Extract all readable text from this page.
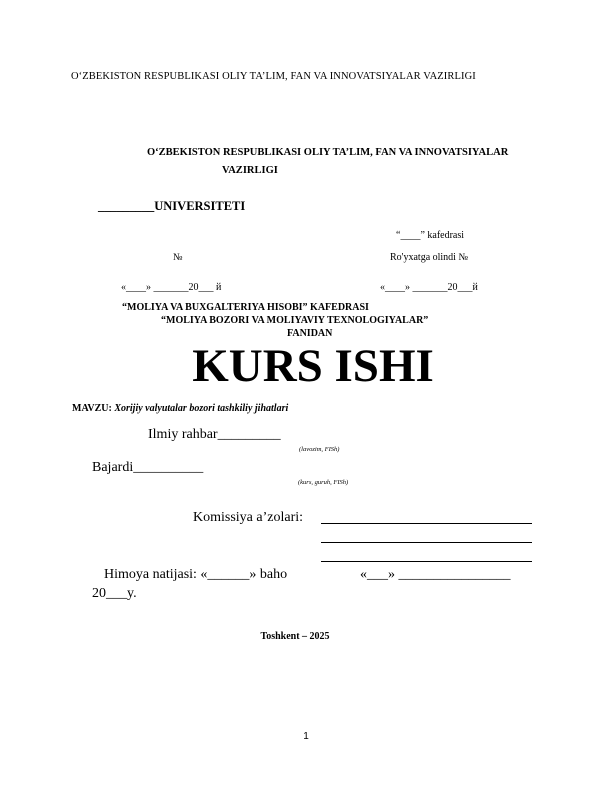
O‘ZBEKISTON RESPUBLIKASI OLIY TA’LIM, FAN VA INNOVATSIYALAR VAZIRLIGI
O‘ZBEKISTON RESPUBLIKASI OLIY TA’LIM, FAN VA INNOVATSIYALAR
VAZIRLIGI
_________UNIVERSITETI
“____” kafedrasi
№	Ro'yxatga olindi №
«____» _______20___ й	«____» _______20___й
“MOLIYA VA BUXGALTERIYA HISOBI” KAFEDRASI
“MOLIYA BOZORI VA MOLIYAVIY TEXNOLOGIYALAR”
FANIDAN
KURS ISHI
MAVZU: Xorijiy valyutalar bozori tashkiliy jihatlari
Ilmiy rahbar_________
(lavozim, FISh)
Bajardi__________
(kurs, guruh, FISh)
Komissiya a’zolari:
Himoya natijasi: «______» baho	«___» ________________
20___y.
Toshkent – 2025
1
